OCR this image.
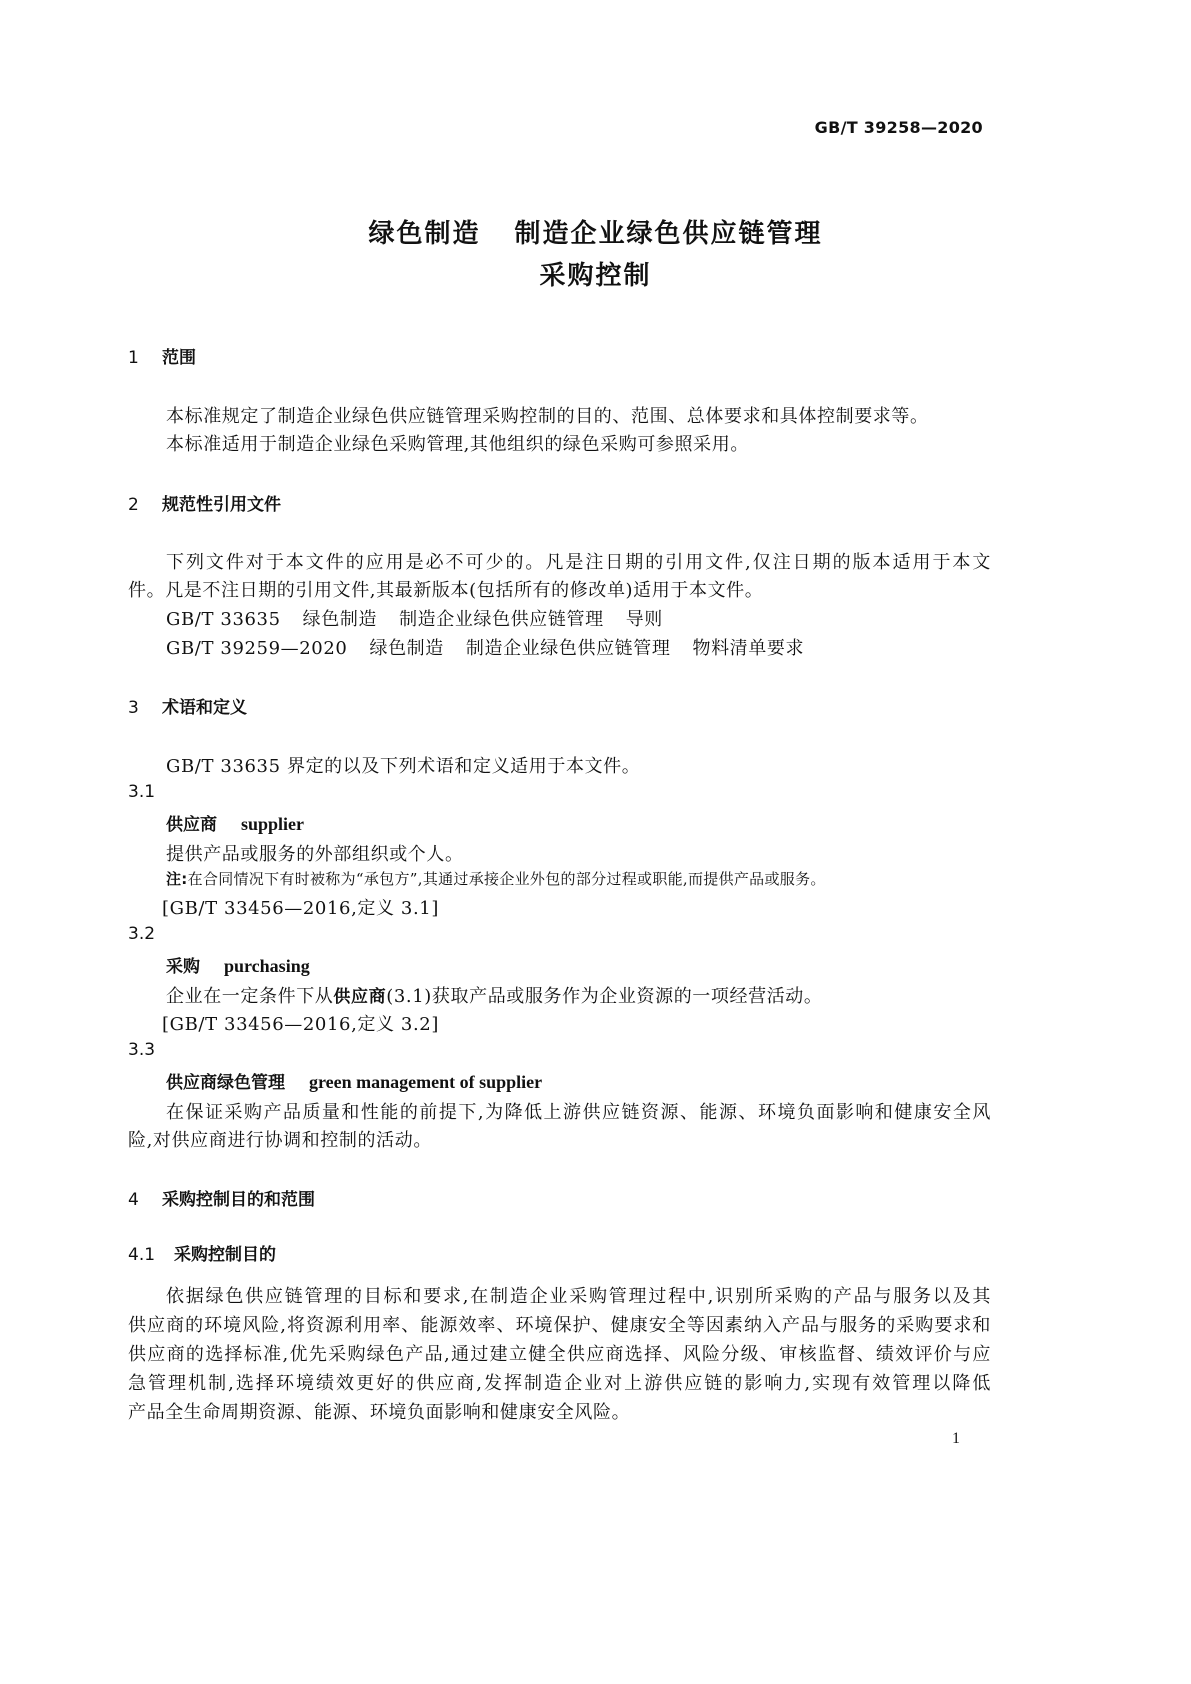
GB/T 39258—2020
绿色制造 制造企业绿色供应链管理
采购控制
1 范围
本标准规定了制造企业绿色供应链管理采购控制的目的、范围、总体要求和具体控制要求等。
本标准适用于制造企业绿色采购管理,其他组织的绿色采购可参照采用。
2 规范性引用文件
下列文件对于本文件的应用是必不可少的。凡是注日期的引用文件,仅注日期的版本适用于本文
件。凡是不注日期的引用文件,其最新版本(包括所有的修改单)适用于本文件。
GB/T 33635 绿色制造 制造企业绿色供应链管理 导则
GB/T 39259—2020 绿色制造 制造企业绿色供应链管理 物料清单要求
3 术语和定义
GB/T 33635 界定的以及下列术语和定义适用于本文件。
3.1
供应商 supplier
提供产品或服务的外部组织或个人。
注:在合同情况下有时被称为“承包方”,其通过承接企业外包的部分过程或职能,而提供产品或服务。
[GB/T 33456—2016,定义 3.1]
3.2
采购 purchasing
企业在一定条件下从供应商(3.1)获取产品或服务作为企业资源的一项经营活动。
[GB/T 33456—2016,定义 3.2]
3.3
供应商绿色管理 green management of supplier
在保证采购产品质量和性能的前提下,为降低上游供应链资源、能源、环境负面影响和健康安全风
险,对供应商进行协调和控制的活动。
4 采购控制目的和范围
4.1 采购控制目的
依据绿色供应链管理的目标和要求,在制造企业采购管理过程中,识别所采购的产品与服务以及其
供应商的环境风险,将资源利用率、能源效率、环境保护、健康安全等因素纳入产品与服务的采购要求和
供应商的选择标准,优先采购绿色产品,通过建立健全供应商选择、风险分级、审核监督、绩效评价与应
急管理机制,选择环境绩效更好的供应商,发挥制造企业对上游供应链的影响力,实现有效管理以降低
产品全生命周期资源、能源、环境负面影响和健康安全风险。
1
